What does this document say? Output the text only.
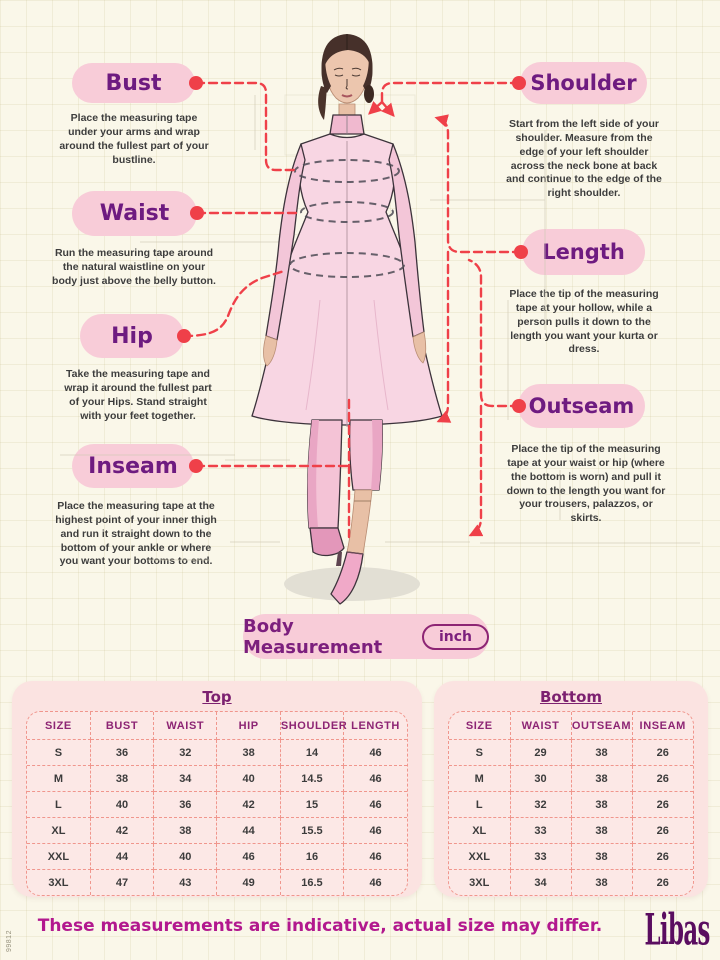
Bust
Waist
Hip
Inseam
Shoulder
Length
Outseam
Place the measuring tape under your arms and wrap around the fullest part of your bustline.
Run the measuring tape around the natural waistline on your body just above the belly button.
Take the measuring tape and wrap it around the fullest part of your Hips. Stand straight with your feet together.
Place the measuring tape at the highest point of your inner thigh and run it straight down to the bottom of your ankle or where you want your bottoms to end.
Start from the left side of your shoulder. Measure from the edge of your left shoulder across the neck bone at back and continue to the edge of the right shoulder.
Place the tip of the measuring tape at your hollow, while a person pulls it down to the length you want your kurta or dress.
Place the tip of the measuring tape at your waist or hip (where the bottom is worn) and pull it down to the length you want for your trousers, palazzos, or skirts.
Body Measurement	inch
Top
SIZE	BUST	WAIST	HIP	SHOULDER	LENGTH
S	36	32	38	14	46
M	38	34	40	14.5	46
L	40	36	42	15	46
XL	42	38	44	15.5	46
XXL	44	40	46	16	46
3XL	47	43	49	16.5	46
Bottom
SIZE	WAIST	OUTSEAM	INSEAM
S	29	38	26
M	30	38	26
L	32	38	26
XL	33	38	26
XXL	33	38	26
3XL	34	38	26
These measurements are indicative, actual size may differ.	Libas
99812
